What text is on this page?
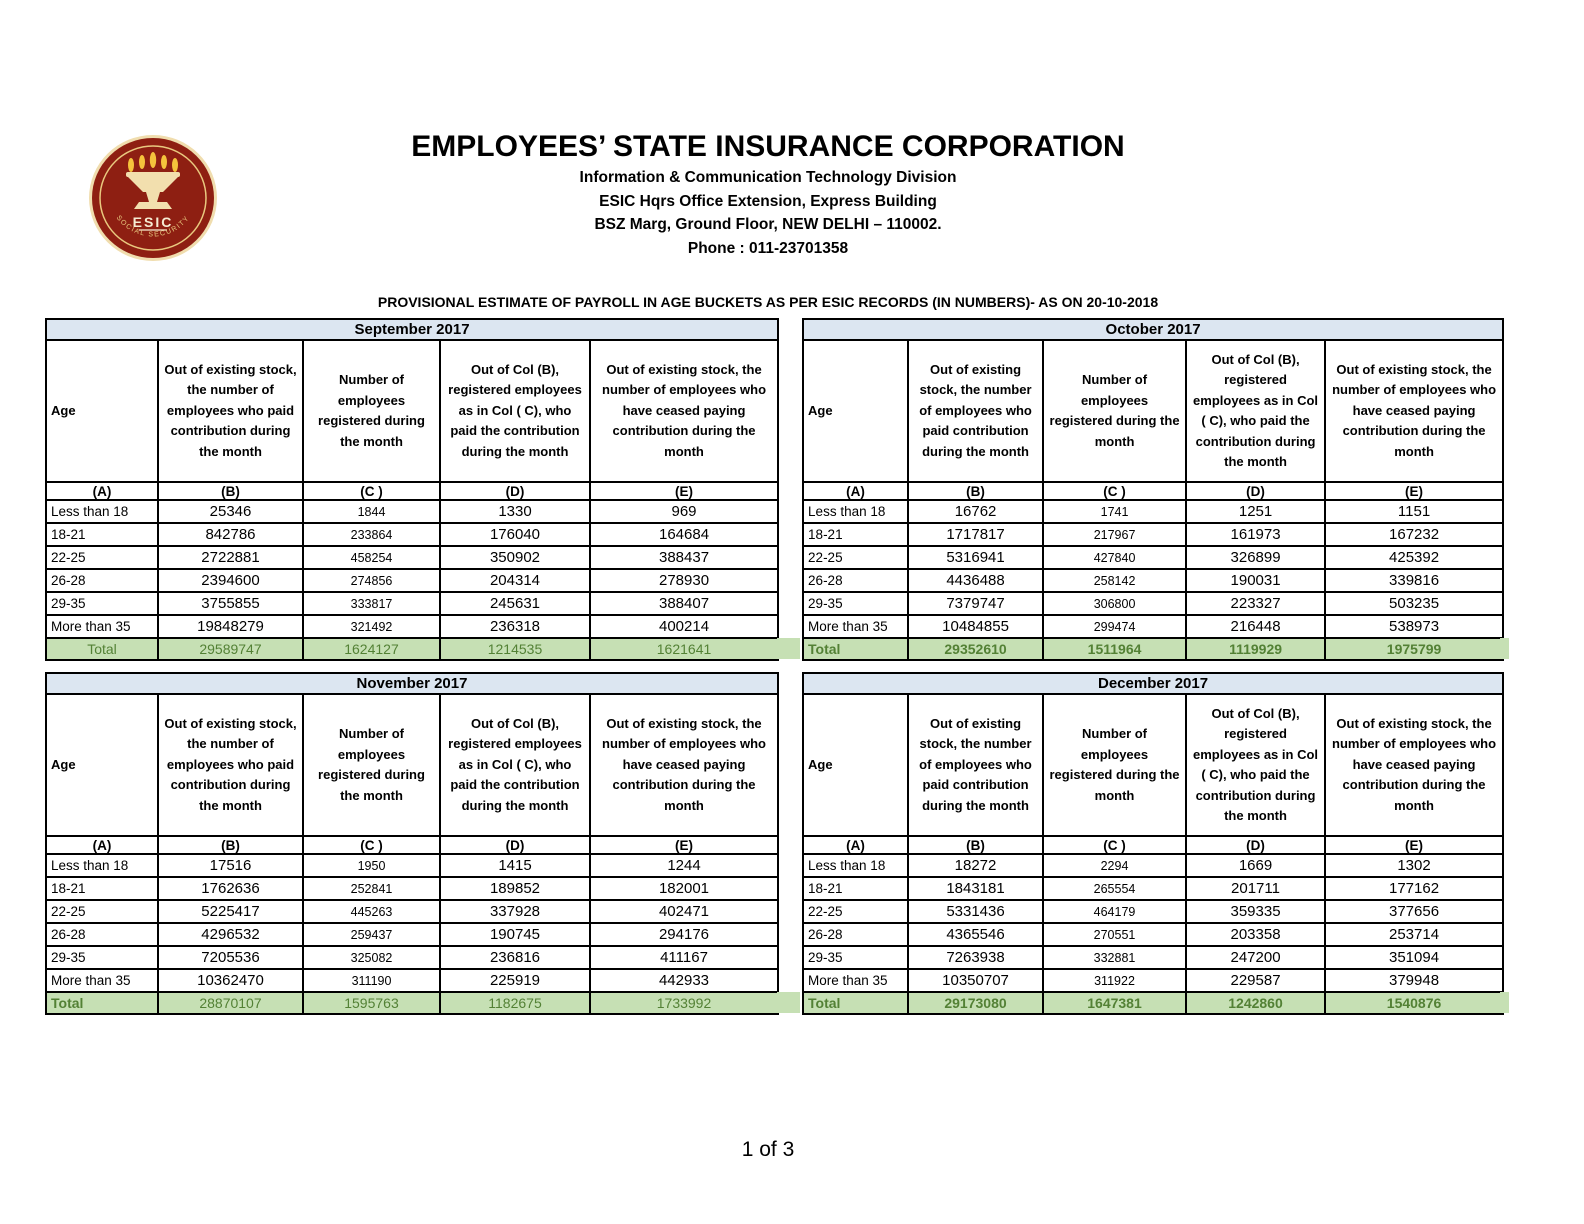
ESIC
SOCIAL SECURITY
EMPLOYEES’ STATE INSURANCE CORPORATION
Information & Communication Technology Division
ESIC Hqrs Office Extension, Express Building
BSZ Marg, Ground Floor, NEW DELHI – 110002.
Phone : 011-23701358
PROVISIONAL ESTIMATE OF PAYROLL IN AGE BUCKETS AS PER ESIC RECORDS (IN NUMBERS)- AS ON 20-10-2018
September 2017				
Age	Out of existing stock, the number of employees who paid contribution during the month	Number of employees registered during the month	Out of Col (B), registered employees as in Col ( C), who paid the contribution during the month	Out of existing stock, the number of employees who have ceased paying contribution during the month
(A)	(B)	(C )	(D)	(E)
Less than 18	25346	1844	1330	969
18-21	842786	233864	176040	164684
22-25	2722881	458254	350902	388437
26-28	2394600	274856	204314	278930
29-35	3755855	333817	245631	388407
More than 35	19848279	321492	236318	400214
Total	29589747	1624127	1214535	1621641
October 2017				
Age	Out of existing stock, the number of employees who paid contribution during the month	Number of employees registered during the month	Out of Col (B), registered employees as in Col ( C), who paid the contribution during the month	Out of existing stock, the number of employees who have ceased paying contribution during the month
(A)	(B)	(C )	(D)	(E)
Less than 18	16762	1741	1251	1151
18-21	1717817	217967	161973	167232
22-25	5316941	427840	326899	425392
26-28	4436488	258142	190031	339816
29-35	7379747	306800	223327	503235
More than 35	10484855	299474	216448	538973
Total	29352610	1511964	1119929	1975799
November 2017				
Age	Out of existing stock, the number of employees who paid contribution during the month	Number of employees registered during the month	Out of Col (B), registered employees as in Col ( C), who paid the contribution during the month	Out of existing stock, the number of employees who have ceased paying contribution during the month
(A)	(B)	(C )	(D)	(E)
Less than 18	17516	1950	1415	1244
18-21	1762636	252841	189852	182001
22-25	5225417	445263	337928	402471
26-28	4296532	259437	190745	294176
29-35	7205536	325082	236816	411167
More than 35	10362470	311190	225919	442933
Total	28870107	1595763	1182675	1733992
December 2017				
Age	Out of existing stock, the number of employees who paid contribution during the month	Number of employees registered during the month	Out of Col (B), registered employees as in Col ( C), who paid the contribution during the month	Out of existing stock, the number of employees who have ceased paying contribution during the month
(A)	(B)	(C )	(D)	(E)
Less than 18	18272	2294	1669	1302
18-21	1843181	265554	201711	177162
22-25	5331436	464179	359335	377656
26-28	4365546	270551	203358	253714
29-35	7263938	332881	247200	351094
More than 35	10350707	311922	229587	379948
Total	29173080	1647381	1242860	1540876
1 of 3
